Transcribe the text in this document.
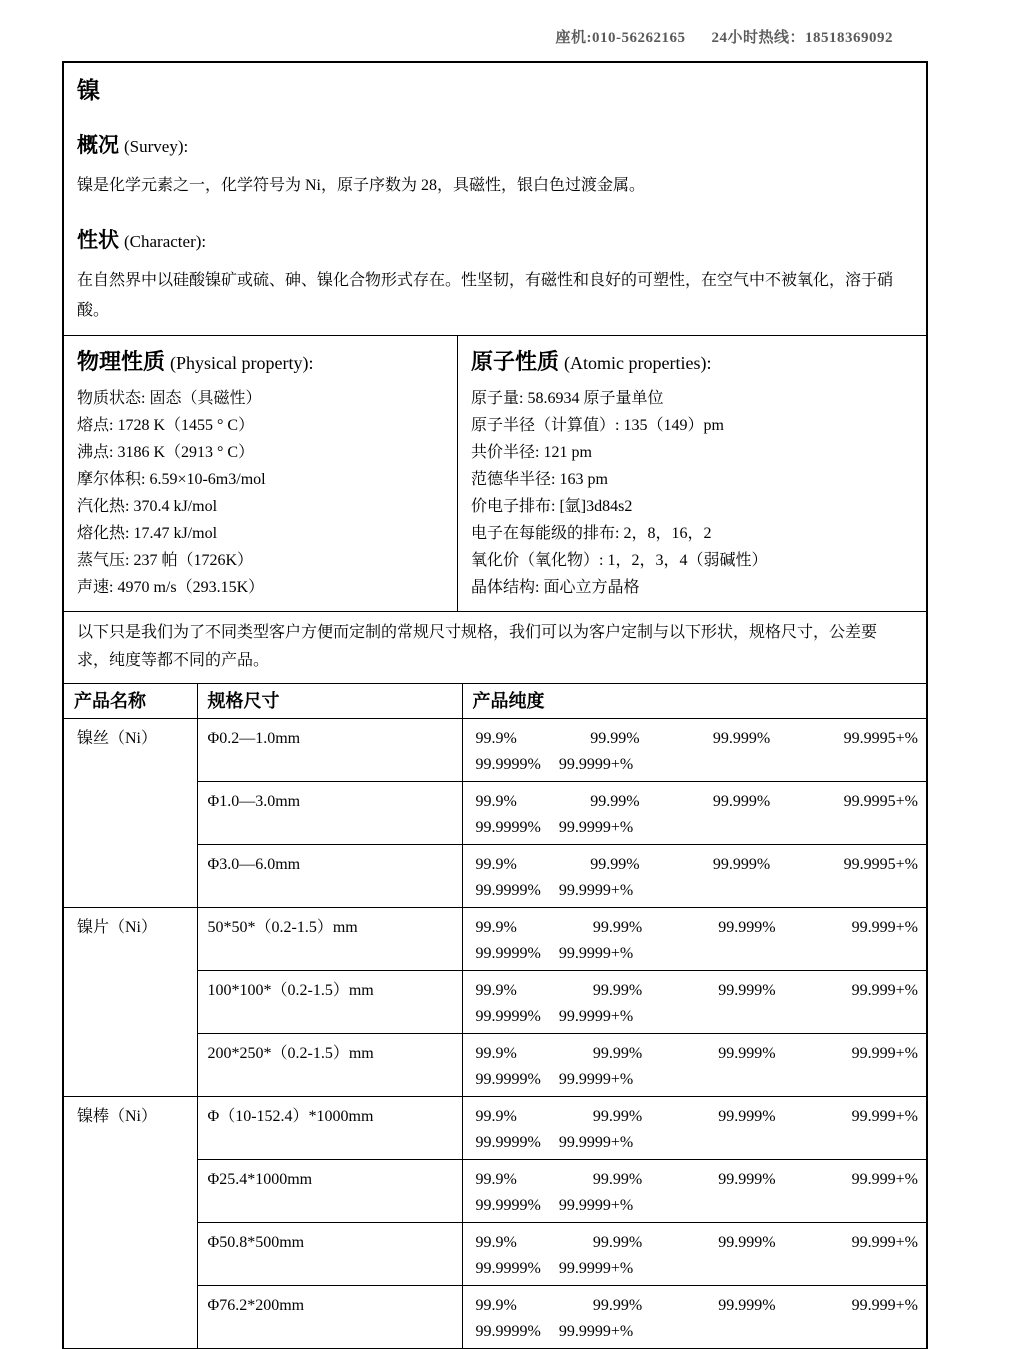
座机:010-56262165 24小时热线：18518369092
镍
概况 (Survey):

镍是化学元素之一，化学符号为 Ni，原子序数为 28，具磁性，银白色过渡金属。

性状 (Character):

在自然界中以硅酸镍矿或硫、砷、镍化合物形式存在。性坚韧，有磁性和良好的可塑性，在空气中不被氧化，溶于硝酸。

物理性质 (Physical property):
物质状态: 固态（具磁性）
熔点: 1728 K（1455 ° C）
沸点: 3186 K（2913 ° C）
摩尔体积: 6.59×10-6m3/mol
汽化热: 370.4 kJ/mol
熔化热: 17.47 kJ/mol
蒸气压: 237 帕（1726K）
声速: 4970 m/s（293.15K）
原子性质 (Atomic properties):
原子量: 58.6934 原子量单位
原子半径（计算值）: 135（149）pm
共价半径: 121 pm
范德华半径: 163 pm
价电子排布: [氩]3d84s2
电子在每能级的排布: 2，8，16，2
氧化价（氧化物）: 1，2，3，4（弱碱性）
晶体结构: 面心立方晶格

以下只是我们为了不同类型客户方便而定制的常规尺寸规格，我们可以为客户定制与以下形状，规格尺寸，公差要求，纯度等都不同的产品。

产品名称	规格尺寸	产品纯度
镍丝（Ni）	Φ0.2—1.0mm	99.9%	99.99%	99.999%	99.9995+%
99.9999% 99.9999+%

Φ1.0—3.0mm	99.9%	99.99%	99.999%	99.9995+%
99.9999% 99.9999+%

Φ3.0—6.0mm	99.9%	99.99%	99.999%	99.9995+%
99.9999% 99.9999+%

镍片（Ni）	50*50*（0.2-1.5）mm	99.9%	99.99%	99.999%	99.999+%
99.9999% 99.9999+%

100*100*（0.2-1.5）mm	99.9%	99.99%	99.999%	99.999+%
99.9999% 99.9999+%

200*250*（0.2-1.5）mm	99.9%	99.99%	99.999%	99.999+%
99.9999% 99.9999+%

镍棒（Ni）	Φ（10-152.4）*1000mm	99.9%	99.99%	99.999%	99.999+%
99.9999% 99.9999+%

Φ25.4*1000mm	99.9%	99.99%	99.999%	99.999+%
99.9999% 99.9999+%

Φ50.8*500mm	99.9%	99.99%	99.999%	99.999+%
99.9999% 99.9999+%

Φ76.2*200mm	99.9%	99.99%	99.999%	99.999+%
99.9999% 99.9999+%
